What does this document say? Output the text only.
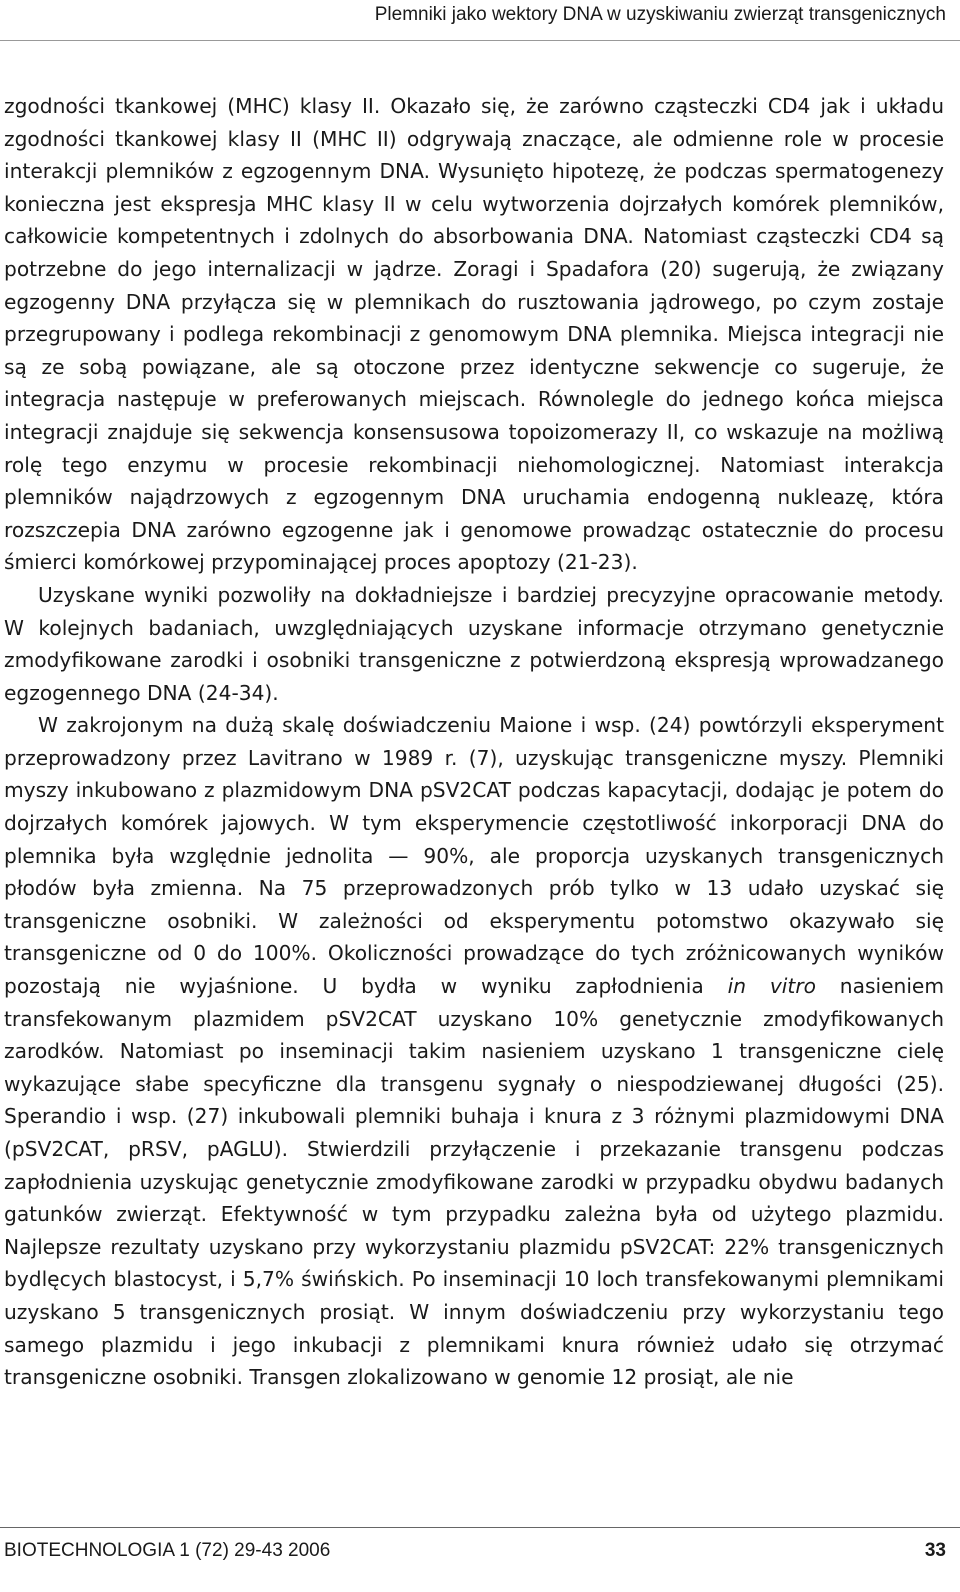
Plemniki jako wektory DNA w uzyskiwaniu zwierząt transgenicznych

zgodności tkankowej (MHC) klasy II. Okazało się, że zarówno cząsteczki CD4 jak i układu zgodności tkankowej klasy II (MHC II) odgrywają znaczące, ale odmienne role w procesie interakcji plemników z egzogennym DNA. Wysunięto hipotezę, że podczas spermatogenezy konieczna jest ekspresja MHC klasy II w celu wytworzenia dojrzałych komórek plemników, całkowicie kompetentnych i zdolnych do absorbowania DNA. Natomiast cząsteczki CD4 są potrzebne do jego internalizacji w jądrze. Zoragi i Spadafora (20) sugerują, że związany egzogenny DNA przyłącza się w plemnikach do rusztowania jądrowego, po czym zostaje przegrupowany i podlega rekombinacji z genomowym DNA plemnika. Miejsca integracji nie są ze sobą powiązane, ale są otoczone przez identyczne sekwencje co sugeruje, że integracja następuje w preferowanych miejscach. Równolegle do jednego końca miejsca integracji znajduje się sekwencja konsensusowa topoizomerazy II, co wskazuje na możliwą rolę tego enzymu w procesie rekombinacji niehomologicznej. Natomiast interakcja plemników najądrzowych z egzogennym DNA uruchamia endogenną nukleazę, która rozszczepia DNA zarówno egzogenne jak i genomowe prowadząc ostatecznie do procesu śmierci komórkowej przypominającej proces apoptozy (21-23).

Uzyskane wyniki pozwoliły na dokładniejsze i bardziej precyzyjne opracowanie metody. W kolejnych badaniach, uwzględniających uzyskane informacje otrzymano genetycznie zmodyfikowane zarodki i osobniki transgeniczne z potwierdzoną ekspresją wprowadzanego egzogennego DNA (24-34).

W zakrojonym na dużą skalę doświadczeniu Maione i wsp. (24) powtórzyli eksperyment przeprowadzony przez Lavitrano w 1989 r. (7), uzyskując transgeniczne myszy. Plemniki myszy inkubowano z plazmidowym DNA pSV2CAT podczas kapacytacji, dodając je potem do dojrzałych komórek jajowych. W tym eksperymencie częstotliwość inkorporacji DNA do plemnika była względnie jednolita — 90%, ale proporcja uzyskanych transgenicznych płodów była zmienna. Na 75 przeprowadzonych prób tylko w 13 udało uzyskać się transgeniczne osobniki. W zależności od eksperymentu potomstwo okazywało się transgeniczne od 0 do 100%. Okoliczności prowadzące do tych zróżnicowanych wyników pozostają nie wyjaśnione. U bydła w wyniku zapłodnienia in vitro nasieniem transfekowanym plazmidem pSV2CAT uzyskano 10% genetycznie zmodyfikowanych zarodków. Natomiast po inseminacji takim nasieniem uzyskano 1 transgeniczne cielę wykazujące słabe specyficzne dla transgenu sygnały o niespodziewanej długości (25). Sperandio i wsp. (27) inkubowali plemniki buhaja i knura z 3 różnymi plazmidowymi DNA (pSV2CAT, pRSV, pAGLU). Stwierdzili przyłączenie i przekazanie transgenu podczas zapłodnienia uzyskując genetycznie zmodyfikowane zarodki w przypadku obydwu badanych gatunków zwierząt. Efektywność w tym przypadku zależna była od użytego plazmidu. Najlepsze rezultaty uzyskano przy wykorzystaniu plazmidu pSV2CAT: 22% transgenicznych bydlęcych blastocyst, i 5,7% świńskich. Po inseminacji 10 loch transfekowanymi plemnikami uzyskano 5 transgenicznych prosiąt. W innym doświadczeniu przy wykorzystaniu tego samego plazmidu i jego inkubacji z plemnikami knura również udało się otrzymać transgeniczne osobniki. Transgen zlokalizowano w genomie 12 prosiąt, ale nie

BIOTECHNOLOGIA 1 (72) 29-43 2006	33
